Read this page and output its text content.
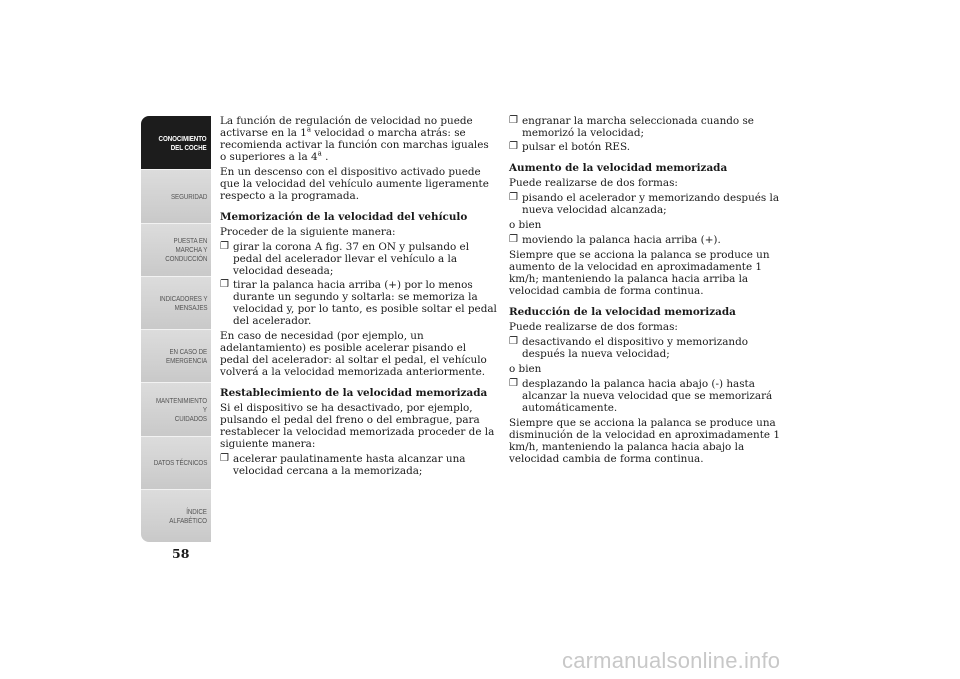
CONOCIMIENTO
DEL COCHE
SEGURIDAD
PUESTA EN
MARCHA Y
CONDUCCIÓN
INDICADORES Y
MENSAJES
EN CASO DE
EMERGENCIA
MANTENIMIENTO Y
CUIDADOS
DATOS TÉCNICOS
ÍNDICE
ALFABÉTICO
58

La función de regulación de velocidad no puede activarse en la 1$^a$ velocidad o marcha atrás: se recomienda activar la función con marchas iguales o superiores a la 4$^a$ .

En un descenso con el dispositivo activado puede que la velocidad del vehículo aumente ligeramente respecto a la programada.

Memorización de la velocidad del vehículo

Proceder de la siguiente manera:

❐ girar la corona A fig. 37 en ON y pulsando el pedal del acelerador llevar el vehículo a la velocidad deseada;
❐ tirar la palanca hacia arriba (+) por lo menos durante un segundo y soltarla: se memoriza la velocidad y, por lo tanto, es posible soltar el pedal del acelerador.

En caso de necesidad (por ejemplo, un adelantamiento) es posible acelerar pisando el pedal del acelerador: al soltar el pedal, el vehículo volverá a la velocidad memorizada anteriormente.

Restablecimiento de la velocidad memorizada

Si el dispositivo se ha desactivado, por ejemplo, pulsando el pedal del freno o del embrague, para restablecer la velocidad memorizada proceder de la siguiente manera:

❐ acelerar paulatinamente hasta alcanzar una velocidad cercana a la memorizada;
❐ engranar la marcha seleccionada cuando se memorizó la velocidad;
❐ pulsar el botón RES.
Aumento de la velocidad memorizada

Puede realizarse de dos formas:

❐ pisando el acelerador y memorizando después la nueva velocidad alcanzada;

o bien

❐ moviendo la palanca hacia arriba (+).

Siempre que se acciona la palanca se produce un aumento de la velocidad en aproximadamente 1 km/h; manteniendo la palanca hacia arriba la velocidad cambia de forma continua.

Reducción de la velocidad memorizada

Puede realizarse de dos formas:

❐ desactivando el dispositivo y memorizando después la nueva velocidad;

o bien

❐ desplazando la palanca hacia abajo (-) hasta alcanzar la nueva velocidad que se memorizará automáticamente.

Siempre que se acciona la palanca se produce una disminución de la velocidad en aproximadamente 1 km/h, manteniendo la palanca hacia abajo la velocidad cambia de forma continua.

carmanualsonline.info
